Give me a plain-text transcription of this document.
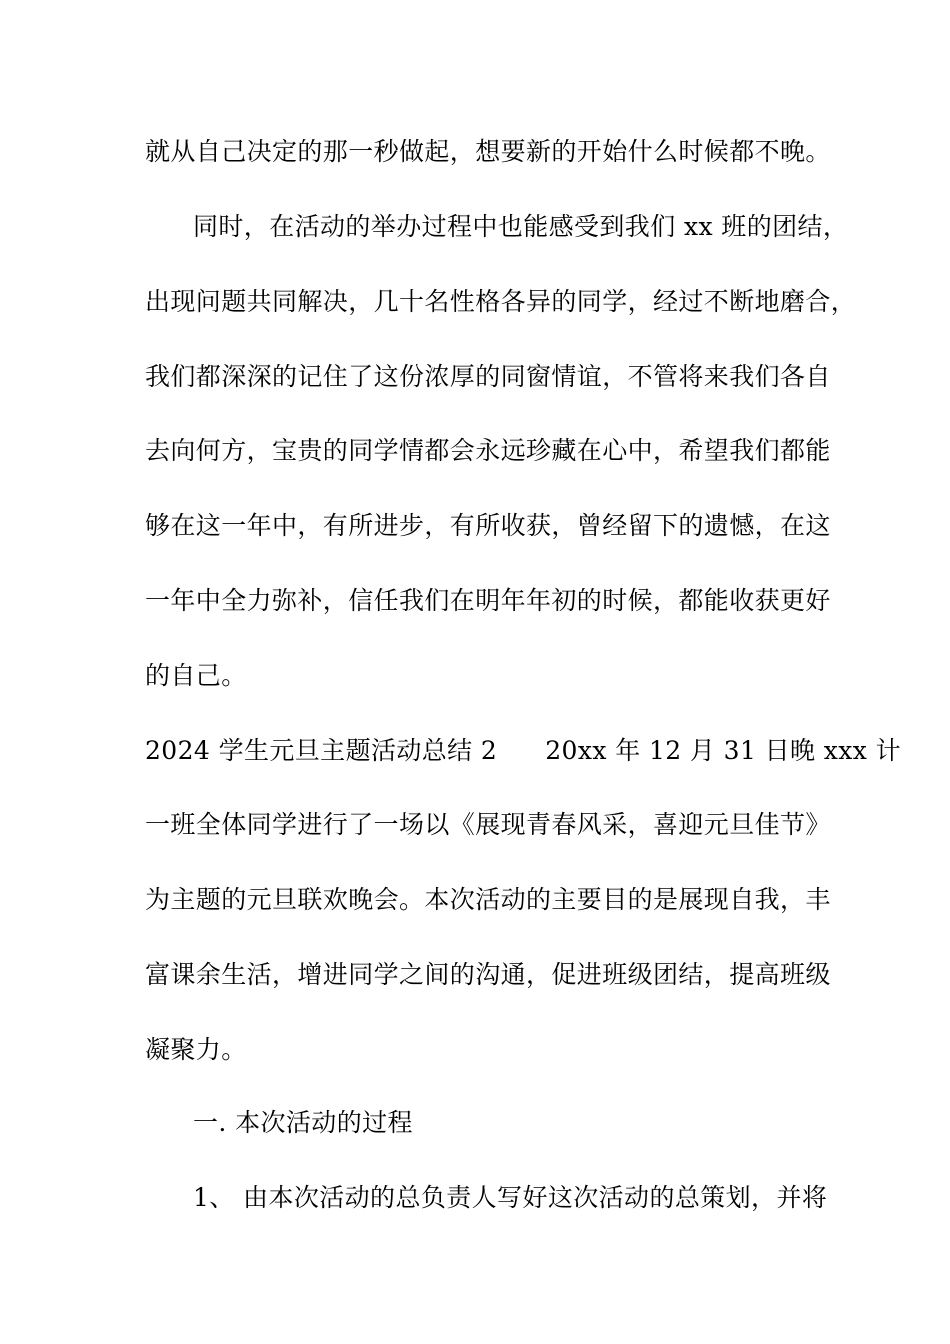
就从自己决定的那一秒做起，想要新的开始什么时候都不晚。
同时，在活动的举办过程中也能感受到我们 xx 班的团结，
出现问题共同解决，几十名性格各异的同学，经过不断地磨合，
我们都深深的记住了这份浓厚的同窗情谊，不管将来我们各自
去向何方，宝贵的同学情都会永远珍藏在心中，希望我们都能
够在这一年中，有所进步，有所收获，曾经留下的遗憾，在这
一年中全力弥补，信任我们在明年年初的时候，都能收获更好
的自己。
2024 学生元旦主题活动总结 2 20xx 年 12 月 31 日晚 xxx 计
一班全体同学进行了一场以《展现青春风采，喜迎元旦佳节》
为主题的元旦联欢晚会。本次活动的主要目的是展现自我，丰
富课余生活，增进同学之间的沟通，促进班级团结，提高班级
凝聚力。
一. 本次活动的过程
1、 由本次活动的总负责人写好这次活动的总策划，并将
